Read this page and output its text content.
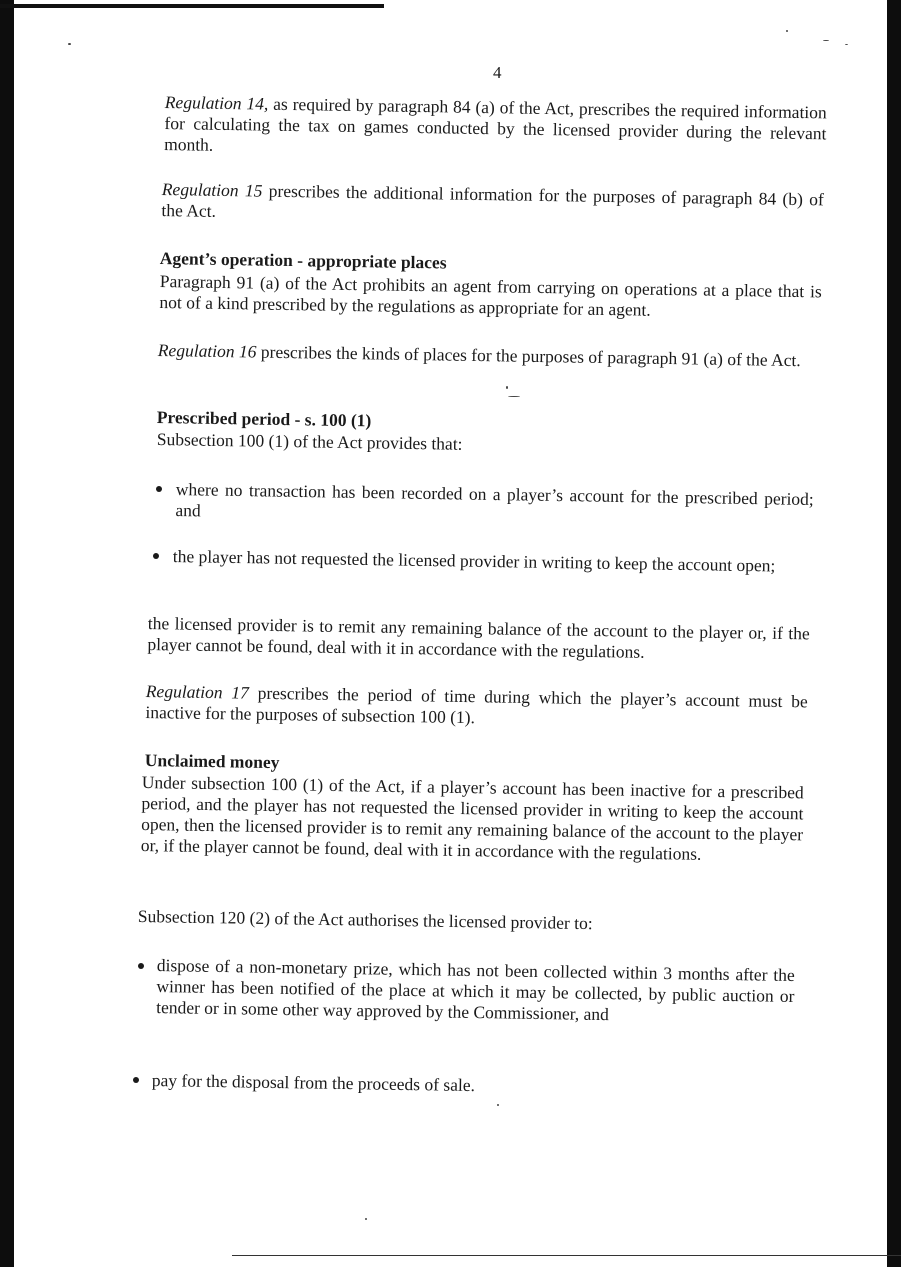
4
Regulation 14, as required by paragraph 84 (a) of the Act, prescribes the required information for calculating the tax on games conducted by the licensed provider during the relevant month.
Regulation 15 prescribes the additional information for the purposes of paragraph 84 (b) of the Act.
Agent’s operation - appropriate places
Paragraph 91 (a) of the Act prohibits an agent from carrying on operations at a place that is not of a kind prescribed by the regulations as appropriate for an agent.
Regulation 16 prescribes the kinds of places for the purposes of paragraph 91 (a) of the Act.
Prescribed period - s. 100 (1)
Subsection 100 (1) of the Act provides that:
where no transaction has been recorded on a player’s account for the prescribed period; and
the player has not requested the licensed provider in writing to keep the account open;
the licensed provider is to remit any remaining balance of the account to the player or, if the player cannot be found, deal with it in accordance with the regulations.
Regulation 17 prescribes the period of time during which the player’s account must be inactive for the purposes of subsection 100 (1).
Unclaimed money
Under subsection 100 (1) of the Act, if a player’s account has been inactive for a prescribed period, and the player has not requested the licensed provider in writing to keep the account open, then the licensed provider is to remit any remaining balance of the account to the player or, if the player cannot be found, deal with it in accordance with the regulations.
Subsection 120 (2) of the Act authorises the licensed provider to:
dispose of a non-monetary prize, which has not been collected within 3 months after the winner has been notified of the place at which it may be collected, by public auction or tender or in some other way approved by the Commissioner, and
pay for the disposal from the proceeds of sale.
